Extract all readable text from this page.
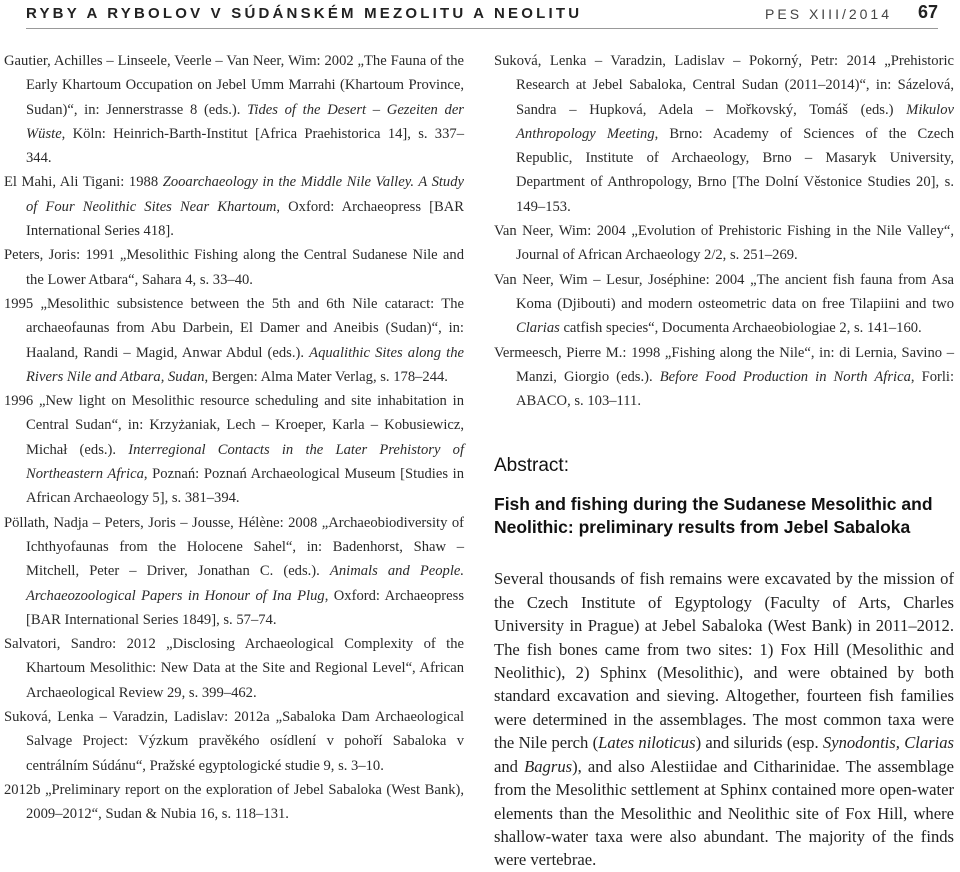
RYBY A RYBOLOV V SÚDÁNSKÉM MEZOLITU A NEOLITU	PES XIII/2014 67

Gautier, Achilles – Linseele, Veerle – Van Neer, Wim: 2002 „The Fauna of the Early Khartoum Occupation on Jebel Umm Marrahi (Khartoum Province, Sudan)“, in: Jennerstrasse 8 (eds.). Tides of the Desert – Gezeiten der Wüste, Köln: Heinrich-Barth-Institut [Africa Praehistorica 14], s. 337–344.

El Mahi, Ali Tigani: 1988 Zooarchaeology in the Middle Nile Valley. A Study of Four Neolithic Sites Near Khartoum, Oxford: Archaeopress [BAR International Series 418].

Peters, Joris: 1991 „Mesolithic Fishing along the Central Sudanese Nile and the Lower Atbara“, Sahara 4, s. 33–40.

1995 „Mesolithic subsistence between the 5th and 6th Nile cataract: The archaeofaunas from Abu Darbein, El Damer and Aneibis (Sudan)“, in: Haaland, Randi – Magid, Anwar Abdul (eds.). Aqualithic Sites along the Rivers Nile and Atbara, Sudan, Bergen: Alma Mater Verlag, s. 178–244.

1996 „New light on Mesolithic resource scheduling and site inhabitation in Central Sudan“, in: Krzyżaniak, Lech – Kroeper, Karla – Kobusiewicz, Michał (eds.). Interregional Contacts in the Later Prehistory of Northeastern Africa, Poznań: Poznań Archaeological Museum [Studies in African Archaeology 5], s. 381–394.

Pöllath, Nadja – Peters, Joris – Jousse, Hélène: 2008 „Archaeobiodiversity of Ichthyofaunas from the Holocene Sahel“, in: Badenhorst, Shaw – Mitchell, Peter – Driver, Jonathan C. (eds.). Animals and People. Archaeozoological Papers in Honour of Ina Plug, Oxford: Archaeopress [BAR International Series 1849], s. 57–74.

Salvatori, Sandro: 2012 „Disclosing Archaeological Complexity of the Khartoum Mesolithic: New Data at the Site and Regional Level“, African Archaeological Review 29, s. 399–462.

Suková, Lenka – Varadzin, Ladislav: 2012a „Sabaloka Dam Archaeological Salvage Project: Výzkum pravěkého osídlení v pohoří Sabaloka v centrálním Súdánu“, Pražské egyptologické studie 9, s. 3–10.

2012b „Preliminary report on the exploration of Jebel Sabaloka (West Bank), 2009–2012“, Sudan & Nubia 16, s. 118–131.

Suková, Lenka – Varadzin, Ladislav – Pokorný, Petr: 2014 „Prehistoric Research at Jebel Sabaloka, Central Sudan (2011–2014)“, in: Sázelová, Sandra – Hupková, Adela – Mořkovský, Tomáš (eds.) Mikulov Anthropology Meeting, Brno: Academy of Sciences of the Czech Republic, Institute of Archaeology, Brno – Masaryk University, Department of Anthropology, Brno [The Dolní Věstonice Studies 20], s. 149–153.

Van Neer, Wim: 2004 „Evolution of Prehistoric Fishing in the Nile Valley“, Journal of African Archaeology 2/2, s. 251–269.

Van Neer, Wim – Lesur, Joséphine: 2004 „The ancient fish fauna from Asa Koma (Djibouti) and modern osteometric data on free Tilapiini and two Clarias catfish species“, Documenta Archaeobiologiae 2, s. 141–160.

Vermeesch, Pierre M.: 1998 „Fishing along the Nile“, in: di Lernia, Savino – Manzi, Giorgio (eds.). Before Food Production in North Africa, Forli: ABACO, s. 103–111.

Abstract:

Fish and fishing during the Sudanese Mesolithic and Neolithic: preliminary results from Jebel Sabaloka

Several thousands of fish remains were excavated by the mission of the Czech Institute of Egyptology (Faculty of Arts, Charles University in Prague) at Jebel Sabaloka (West Bank) in 2011–2012. The fish bones came from two sites: 1) Fox Hill (Mesolithic and Neolithic), 2) Sphinx (Mesolithic), and were obtained by both standard excavation and sieving. Altogether, fourteen fish families were determined in the assemblages. The most common taxa were the Nile perch (Lates niloticus) and silurids (esp. Synodontis, Clarias and Bagrus), and also Alestiidae and Citharinidae. The assemblage from the Mesolithic settlement at Sphinx contained more open-water elements than the Mesolithic and Neolithic site of Fox Hill, where shallow-water taxa were also abundant. The majority of the finds were vertebrae.
